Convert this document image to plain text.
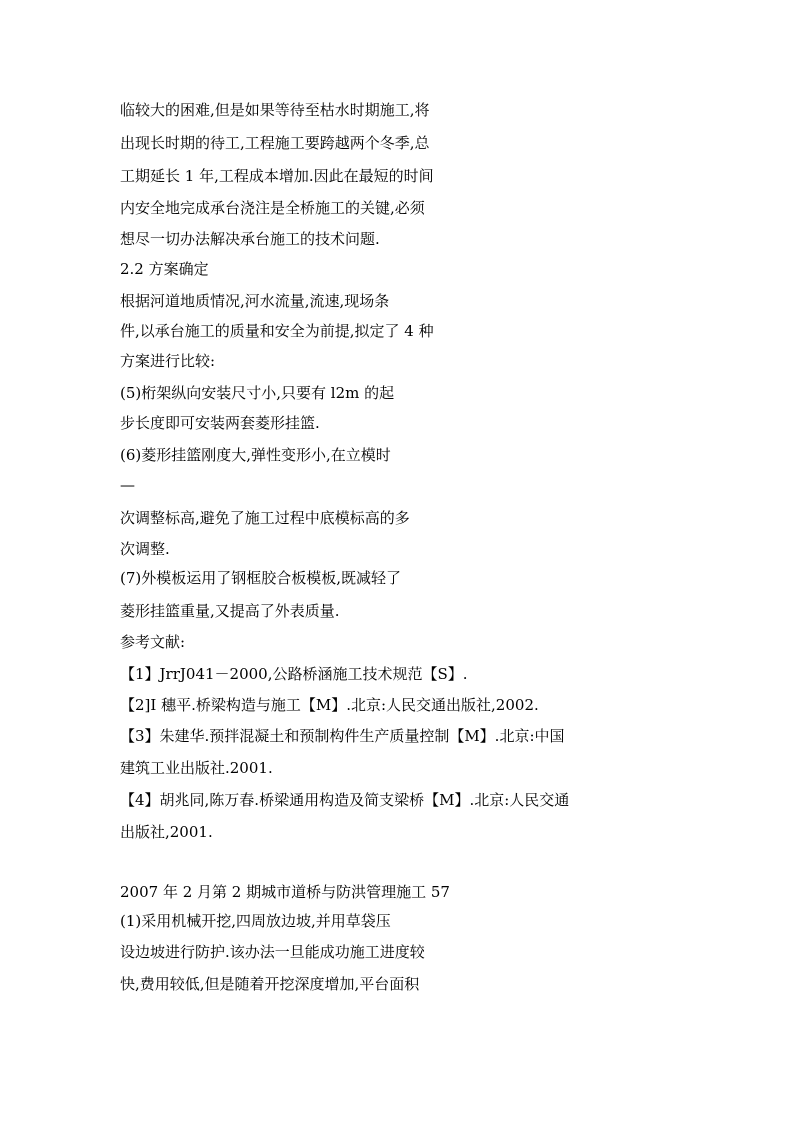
临较大的困难,但是如果等待至枯水时期施工,将
出现长时期的待工,工程施工要跨越两个冬季,总
工期延长 1 年,工程成本增加.因此在最短的时间
内安全地完成承台浇注是全桥施工的关键,必须
想尽一切办法解决承台施工的技术问题.
2.2 方案确定
根据河道地质情况,河水流量,流速,现场条
件,以承台施工的质量和安全为前提,拟定了 4 种
方案进行比较:
(5)桁架纵向安装尺寸小,只要有 l2m 的起
步长度即可安装两套菱形挂篮.
(6)菱形挂篮刚度大,弹性变形小,在立模时
—
次调整标高,避免了施工过程中底模标高的多
次调整.
(7)外模板运用了钢框胶合板模板,既减轻了
菱形挂篮重量,又提高了外表质量.
参考文献:
【1】JrrJ041－2000,公路桥涵施工技术规范【S】.
【2]I 穗平.桥梁构造与施工【M】.北京:人民交通出版社,2002.
【3】朱建华.预拌混凝土和预制构件生产质量控制【M】.北京:中国
建筑工业出版社.2001.
【4】胡兆同,陈万春.桥梁通用构造及简支梁桥【M】.北京:人民交通
出版社,2001.
2007 年 2 月第 2 期城市道桥与防洪管理施工 57
(1)采用机械开挖,四周放边坡,并用草袋压
设边坡进行防护.该办法一旦能成功施工进度较
快,费用较低,但是随着开挖深度增加,平台面积
